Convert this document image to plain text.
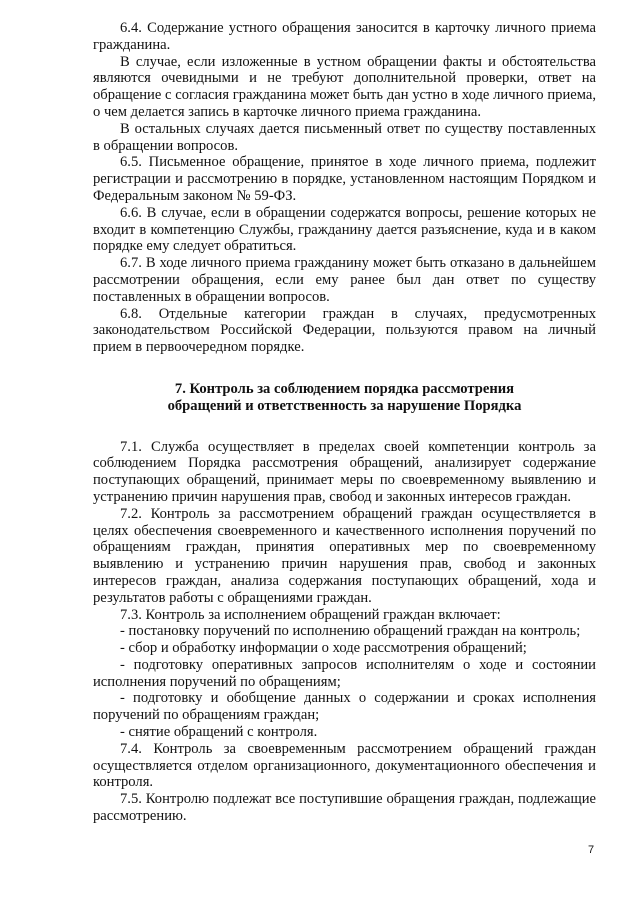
6.4. Содержание устного обращения заносится в карточку личного приема гражданина.

В случае, если изложенные в устном обращении факты и обстоятельства являются очевидными и не требуют дополнительной проверки, ответ на обращение с согласия гражданина может быть дан устно в ходе личного приема, о чем делается запись в карточке личного приема гражданина.

В остальных случаях дается письменный ответ по существу поставленных в обращении вопросов.

6.5. Письменное обращение, принятое в ходе личного приема, подлежит регистрации и рассмотрению в порядке, установленном настоящим Порядком и Федеральным законом № 59-ФЗ.

6.6. В случае, если в обращении содержатся вопросы, решение которых не входит в компетенцию Службы, гражданину дается разъяснение, куда и в каком порядке ему следует обратиться.

6.7. В ходе личного приема гражданину может быть отказано в дальнейшем рассмотрении обращения, если ему ранее был дан ответ по существу поставленных в обращении вопросов.

6.8. Отдельные категории граждан в случаях, предусмотренных законодательством Российской Федерации, пользуются правом на личный прием в первоочередном порядке.

7. Контроль за соблюдением порядка рассмотрения
обращений и ответственность за нарушение Порядка

7.1. Служба осуществляет в пределах своей компетенции контроль за соблюдением Порядка рассмотрения обращений, анализирует содержание поступающих обращений, принимает меры по своевременному выявлению и устранению причин нарушения прав, свобод и законных интересов граждан.

7.2. Контроль за рассмотрением обращений граждан осуществляется в целях обеспечения своевременного и качественного исполнения поручений по обращениям граждан, принятия оперативных мер по своевременному выявлению и устранению причин нарушения прав, свобод и законных интересов граждан, анализа содержания поступающих обращений, хода и результатов работы с обращениями граждан.

7.3. Контроль за исполнением обращений граждан включает:

- постановку поручений по исполнению обращений граждан на контроль;

- сбор и обработку информации о ходе рассмотрения обращений;

- подготовку оперативных запросов исполнителям о ходе и состоянии исполнения поручений по обращениям;

- подготовку и обобщение данных о содержании и сроках исполнения поручений по обращениям граждан;

- снятие обращений с контроля.

7.4. Контроль за своевременным рассмотрением обращений граждан осуществляется отделом организационного, документационного обеспечения и контроля.

7.5. Контролю подлежат все поступившие обращения граждан, подлежащие рассмотрению.

7
